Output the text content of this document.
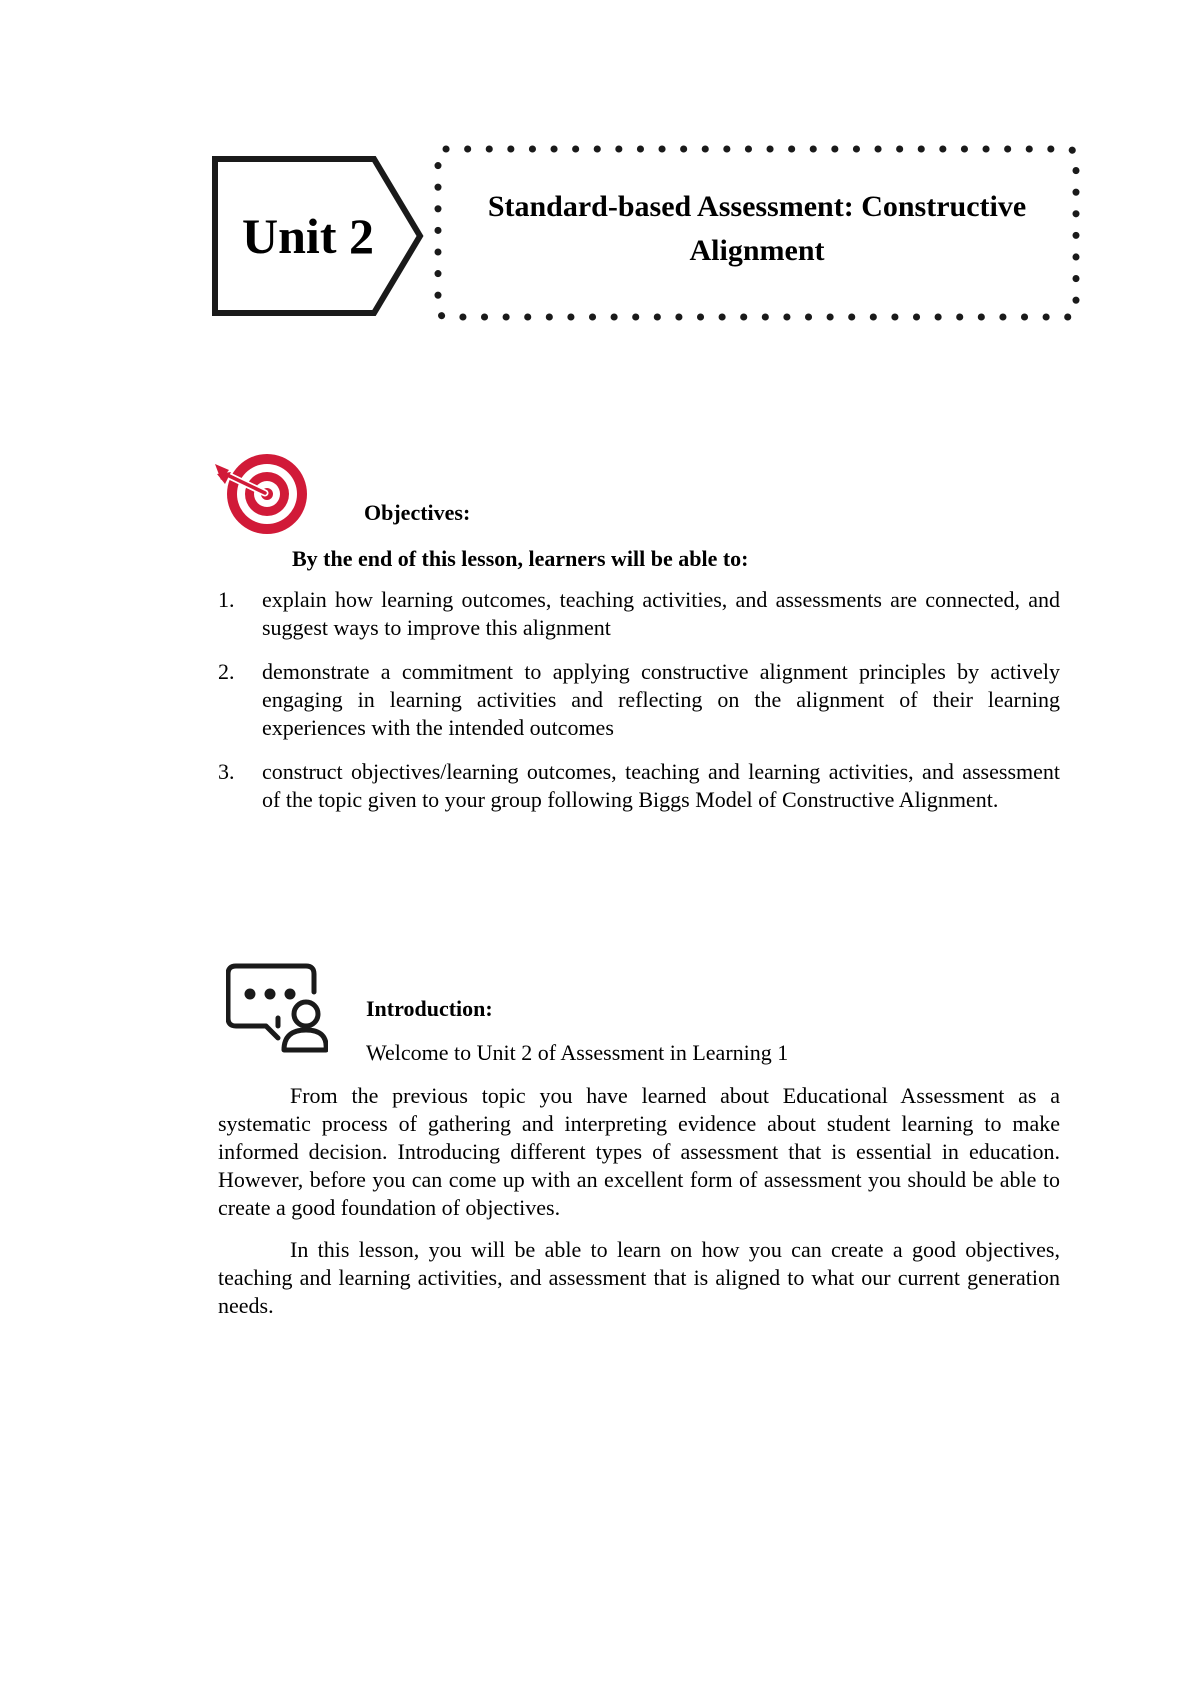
Unit 2
Standard-based Assessment: Constructive Alignment
Objectives:
By the end of this lesson, learners will be able to:
1. explain how learning outcomes, teaching activities, and assessments are connected, and suggest ways to improve this alignment
2. demonstrate a commitment to applying constructive alignment principles by actively engaging in learning activities and reflecting on the alignment of their learning experiences with the intended outcomes
3. construct objectives/learning outcomes, teaching and learning activities, and assessment of the topic given to your group following Biggs Model of Constructive Alignment.
Introduction:
Welcome to Unit 2 of Assessment in Learning 1

From the previous topic you have learned about Educational Assessment as a systematic process of gathering and interpreting evidence about student learning to make informed decision. Introducing different types of assessment that is essential in education. However, before you can come up with an excellent form of assessment you should be able to create a good foundation of objectives.

In this lesson, you will be able to learn on how you can create a good objectives, teaching and learning activities, and assessment that is aligned to what our current generation needs.
